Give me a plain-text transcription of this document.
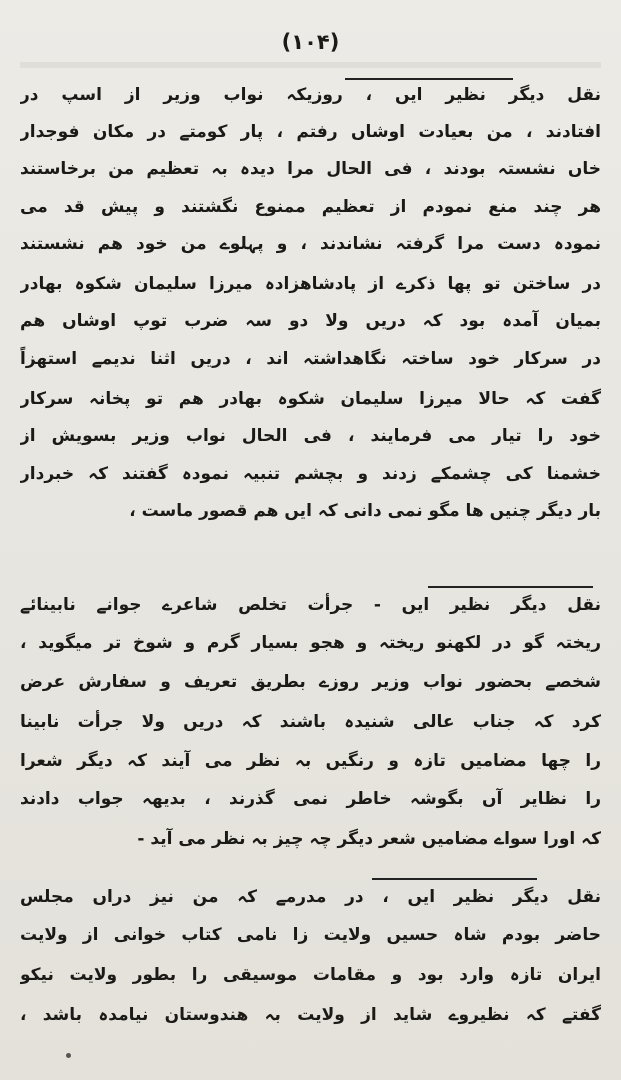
(۱۰۴)
نقل دیگر نظیر ایں ، روزیکہ نواب وزیر از اسپ در
افتادند ، من بعیادت اوشاں رفتم ، پار کومتے در مکان فوجدار
خاں نشستہ بودند ، فی الحال مرا دیدہ بہ تعظیم من برخاستند
هر چند منع نمودم از تعظیم ممنوع نگشتند و پیش قد می
نمودہ دست مرا گرفتہ نشاندند ، و پہلوے من خود هم نشستند
در ساختن تو پها ذکرے از پادشاهزادہ میرزا سلیمان شکوہ بهادر
بمیان آمدہ بود کہ دریں ولا دو سہ ضرب توپ اوشاں هم
در سرکار خود ساختہ نگاهداشتہ اند ، دریں اثنا ندیمے استهزاً
گفت کہ حالا میرزا سلیمان شکوہ بهادر هم تو پخانہ سرکار
خود را تیار می فرمایند ، فی الحال نواب وزیر بسویش از
خشمنا کی چشمکے زدند و بچشم تنبیہ نمودہ گفتند کہ خبردار
بار دیگر چنیں ها مگو نمی دانی کہ ایں هم قصور ماست ،
نقل دیگر نظیر ایں - جرأت تخلص شاعرے جوانے نابینائے
ریختہ گو در لکهنو ریختہ و هجو بسیار گرم و شوخ تر میگوید ،
شخصے بحضور نواب وزیر روزے بطریق تعریف و سفارش عرض
کرد کہ جناب عالی شنیدہ باشند کہ دریں ولا جرأت نابینا
را چها مضامیں تازہ و رنگیں بہ نظر می آیند کہ دیگر شعرا
را نظایر آں بگوشہ خاطر نمی گذرند ، بدیهہ جواب دادند
کہ اورا سواے مضامیں شعر دیگر چہ چیز بہ نظر می آید -
نقل دیگر نظیر ایں ، در مدرمے کہ من نیز دراں مجلس
حاضر بودم شاہ حسیں ولایت زا نامی کتاب خوانی از ولایت
ایران تازہ وارد بود و مقامات موسیقی را بطور ولایت نیکو
گفتے کہ نظیروے شاید از ولایت بہ هندوستان نیامدہ باشد ،
